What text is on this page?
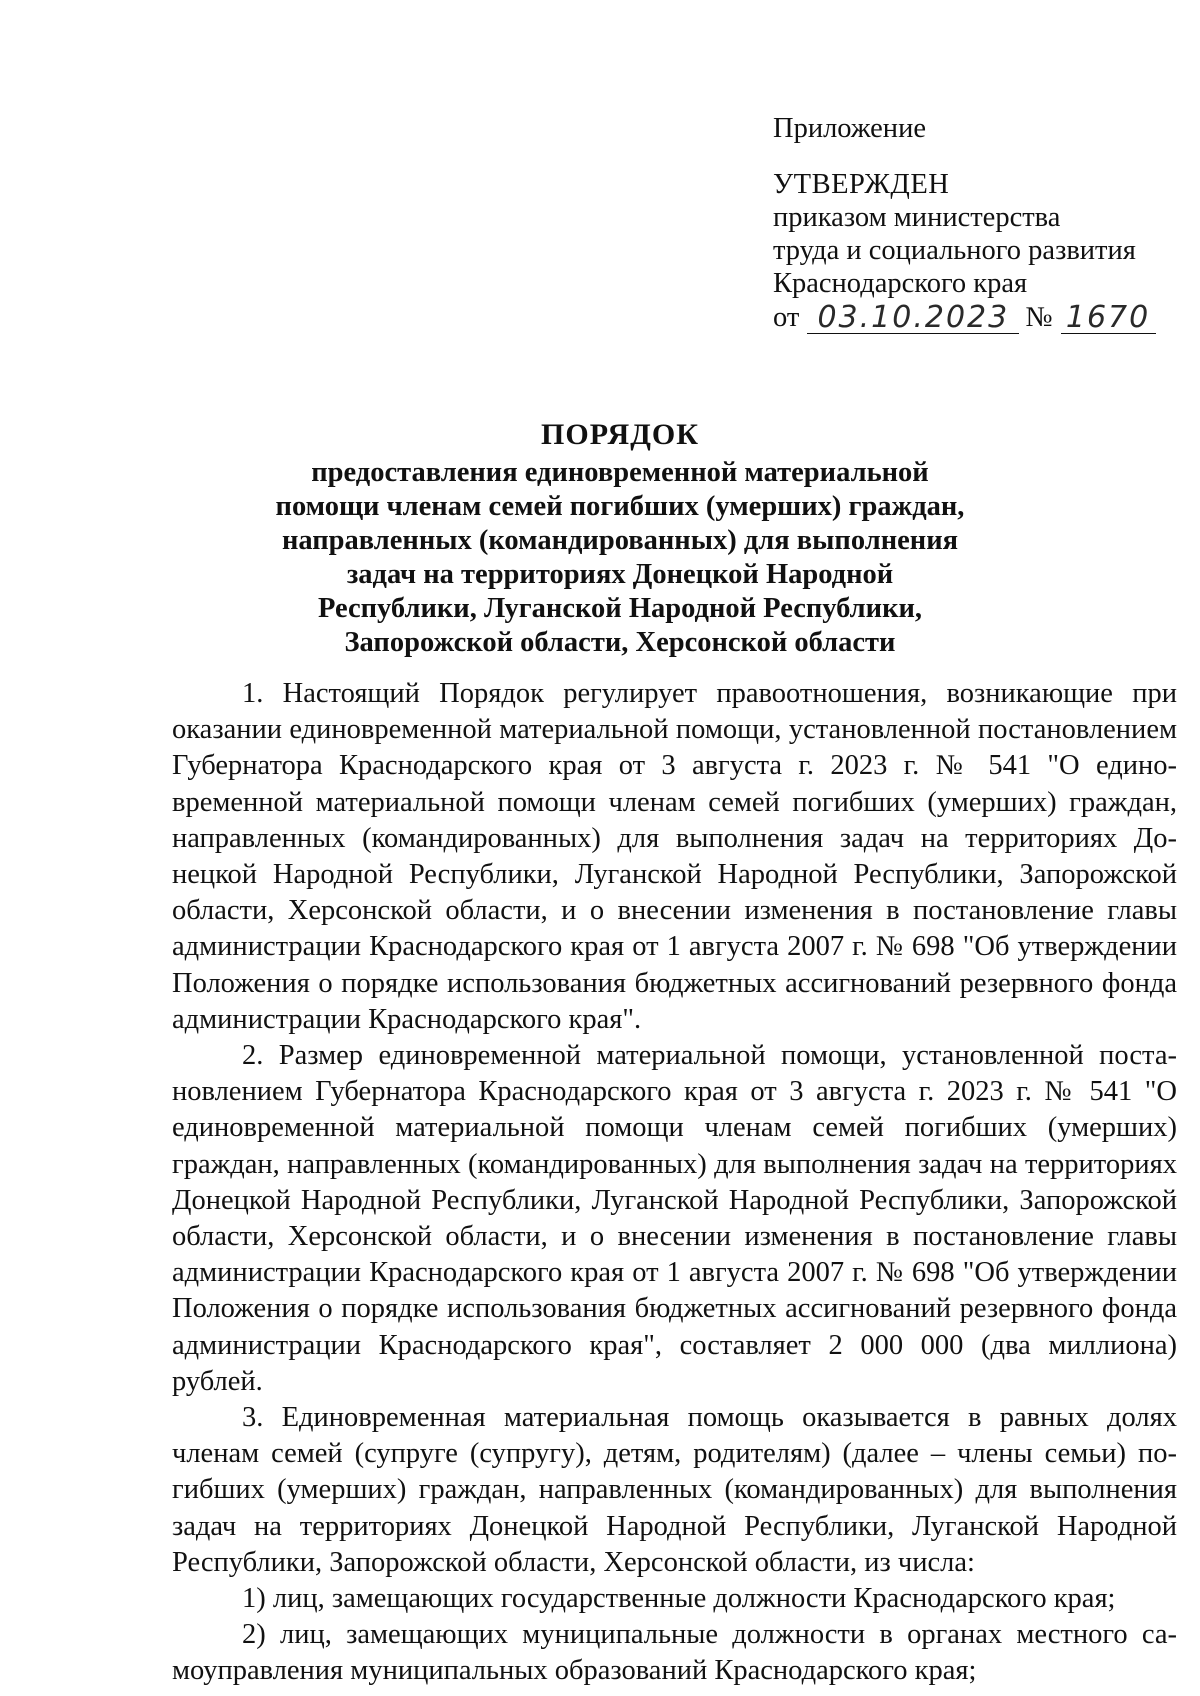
Приложение
УТВЕРЖДЕН
приказом министерства
труда и социального развития
Краснодарского края
от 03.10.2023 № 1670
ПОРЯДОК
предоставления единовременной материальной
помощи членам семей погибших (умерших) граждан,
направленных (командированных) для выполнения
задач на территориях Донецкой Народной
Республики, Луганской Народной Республики,
Запорожской области, Херсонской области

1. Настоящий Порядок регулирует правоотношения, возникающие при оказании единовременной материальной помощи, установленной постановлением Губернатора Краснодарского края от 3 августа г. 2023 г. № 541 "О единовременной материальной помощи членам семей погибших (умерших) граждан, направленных (командированных) для выполнения задач на территориях Донецкой Народной Республики, Луганской Народной Республики, Запорожской области, Херсонской области, и о внесении изменения в постановление главы администрации Краснодарского края от 1 августа 2007 г. № 698 "Об утверждении Положения о порядке использования бюджетных ассигнований резервного фонда администрации Краснодарского края".

2. Размер единовременной материальной помощи, установленной постановлением Губернатора Краснодарского края от 3 августа г. 2023 г. № 541 "О единовременной материальной помощи членам семей погибших (умерших) граждан, направленных (командированных) для выполнения задач на территориях Донецкой Народной Республики, Луганской Народной Республики, Запорожской области, Херсонской области, и о внесении изменения в постановление главы администрации Краснодарского края от 1 августа 2007 г. № 698 "Об утверждении Положения о порядке использования бюджетных ассигнований резервного фонда администрации Краснодарского края", составляет 2 000 000 (два миллиона) рублей.

3. Единовременная материальная помощь оказывается в равных долях членам семей (супруге (супругу), детям, родителям) (далее – члены семьи) погибших (умерших) граждан, направленных (командированных) для выполнения задач на территориях Донецкой Народной Республики, Луганской Народной Республики, Запорожской области, Херсонской области, из числа:

1) лиц, замещающих государственные должности Краснодарского края;

2) лиц, замещающих муниципальные должности в органах местного самоуправления муниципальных образований Краснодарского края;
